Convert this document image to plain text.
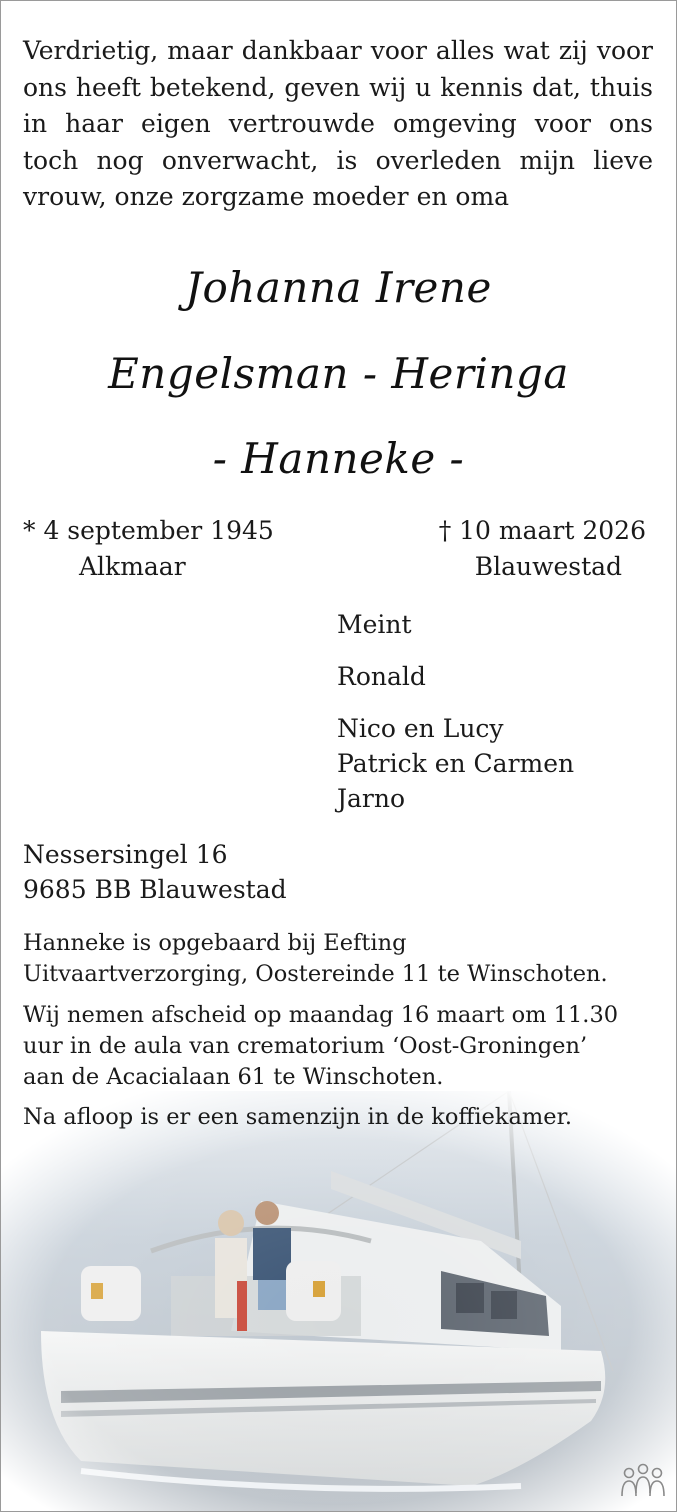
Verdrietig, maar dankbaar voor alles wat zij voor ons heeft betekend, geven wij u kennis dat, thuis in haar eigen vertrouwde omgeving voor ons toch nog onverwacht, is overleden mijn lieve vrouw, onze zorgzame moeder en oma

Johanna Irene
Engelsman - Heringa
- Hanneke -
* 4 september 1945
Alkmaar
† 10 maart 2026
Blauwestad
Meint
Ronald
Nico en Lucy
Patrick en Carmen
Jarno
Nessersingel 16
9685 BB Blauwestad

Hanneke is opgebaard bij Eefting Uitvaartverzorging, Oostereinde 11 te Winschoten.

Wij nemen afscheid op maandag 16 maart om 11.30 uur in de aula van crematorium ‘Oost-Groningen’ aan de Acacialaan 61 te Winschoten.

Na afloop is er een samenzijn in de koffiekamer.
